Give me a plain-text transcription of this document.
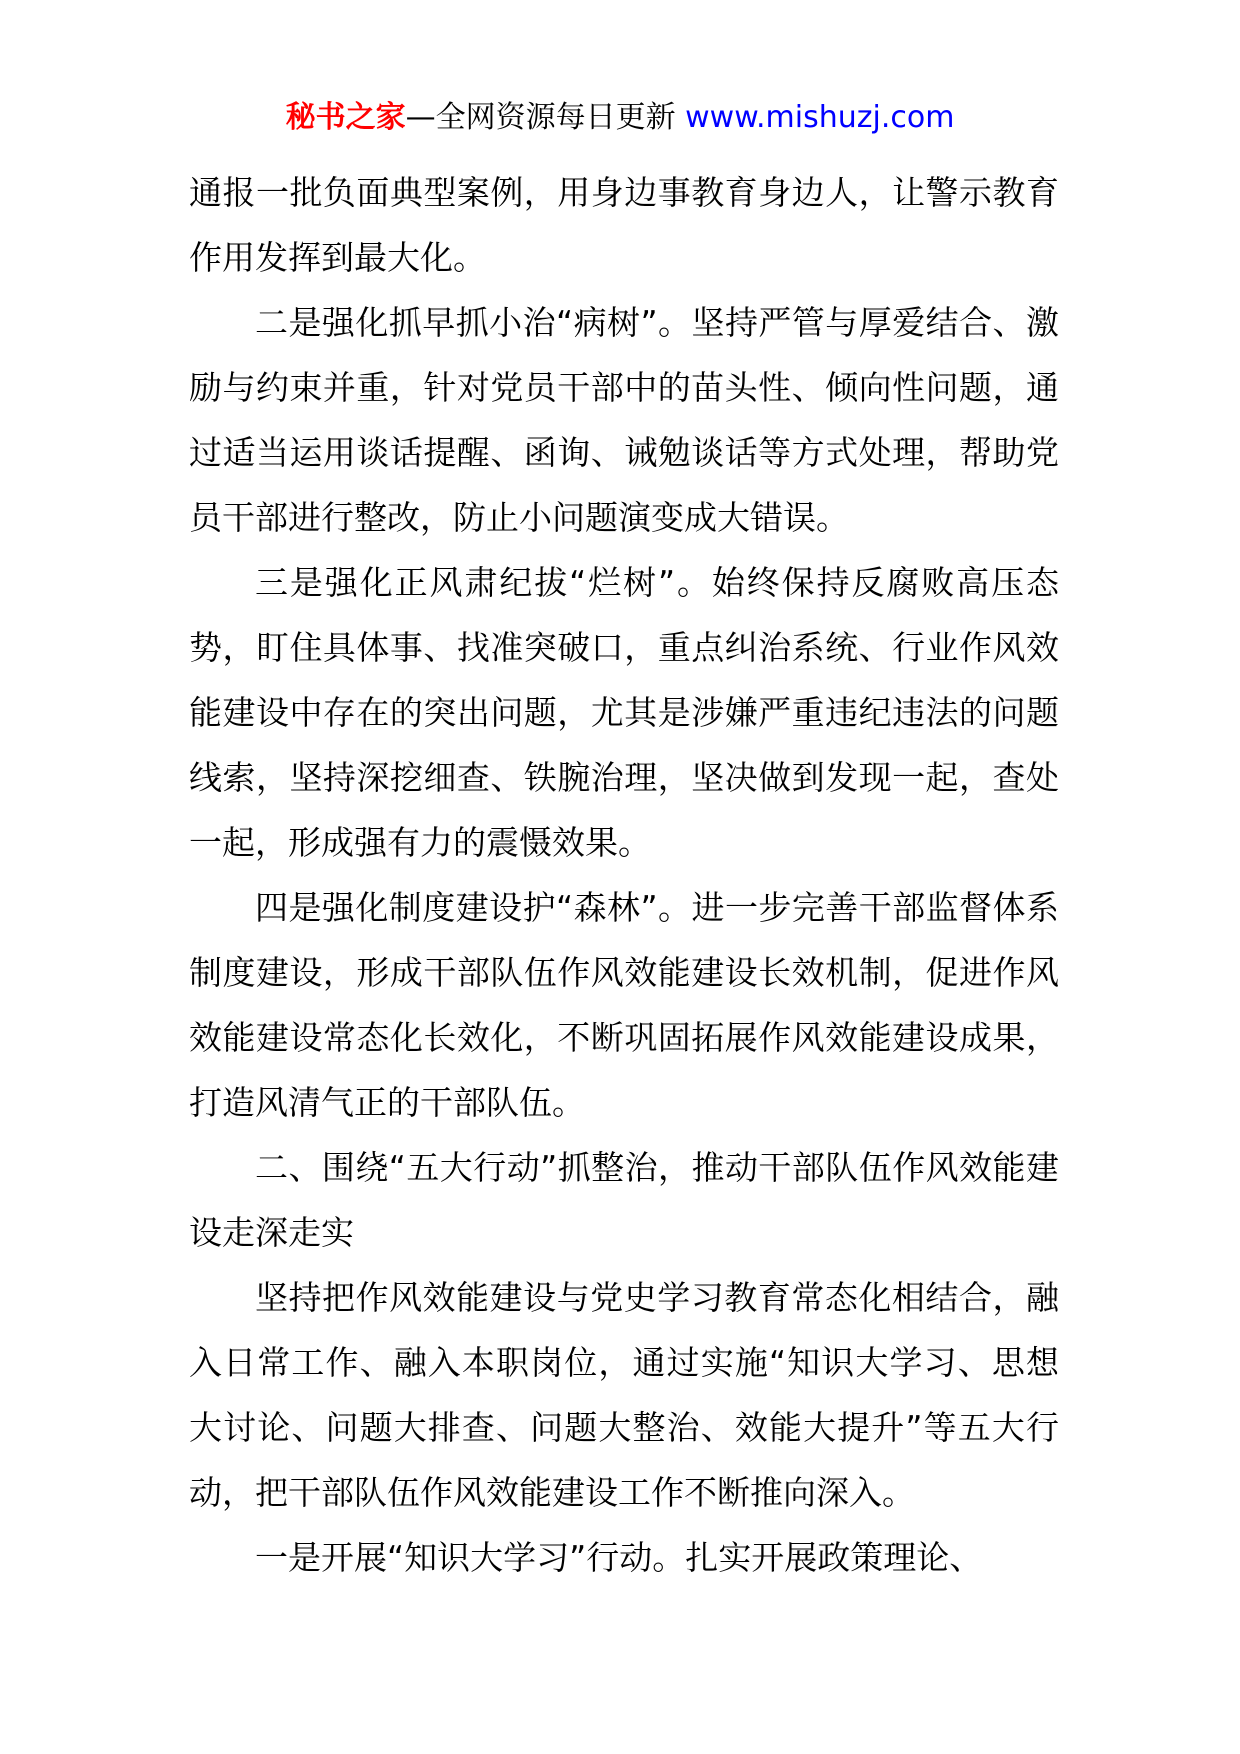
秘书之家—全网资源每日更新 www.mishuzj.com

通报一批负面典型案例，用身边事教育身边人，让警示教育作用发挥到最大化。

二是强化抓早抓小治“病树”。坚持严管与厚爱结合、激励与约束并重，针对党员干部中的苗头性、倾向性问题，通过适当运用谈话提醒、函询、诫勉谈话等方式处理，帮助党员干部进行整改，防止小问题演变成大错误。

三是强化正风肃纪拔“烂树”。始终保持反腐败高压态势，盯住具体事、找准突破口，重点纠治系统、行业作风效能建设中存在的突出问题，尤其是涉嫌严重违纪违法的问题线索，坚持深挖细查、铁腕治理，坚决做到发现一起，查处一起，形成强有力的震慑效果。

四是强化制度建设护“森林”。进一步完善干部监督体系制度建设，形成干部队伍作风效能建设长效机制，促进作风效能建设常态化长效化，不断巩固拓展作风效能建设成果，打造风清气正的干部队伍。

二、围绕“五大行动”抓整治，推动干部队伍作风效能建设走深走实

坚持把作风效能建设与党史学习教育常态化相结合，融入日常工作、融入本职岗位，通过实施“知识大学习、思想大讨论、问题大排查、问题大整治、效能大提升”等五大行动，把干部队伍作风效能建设工作不断推向深入。

一是开展“知识大学习”行动。扎实开展政策理论、
